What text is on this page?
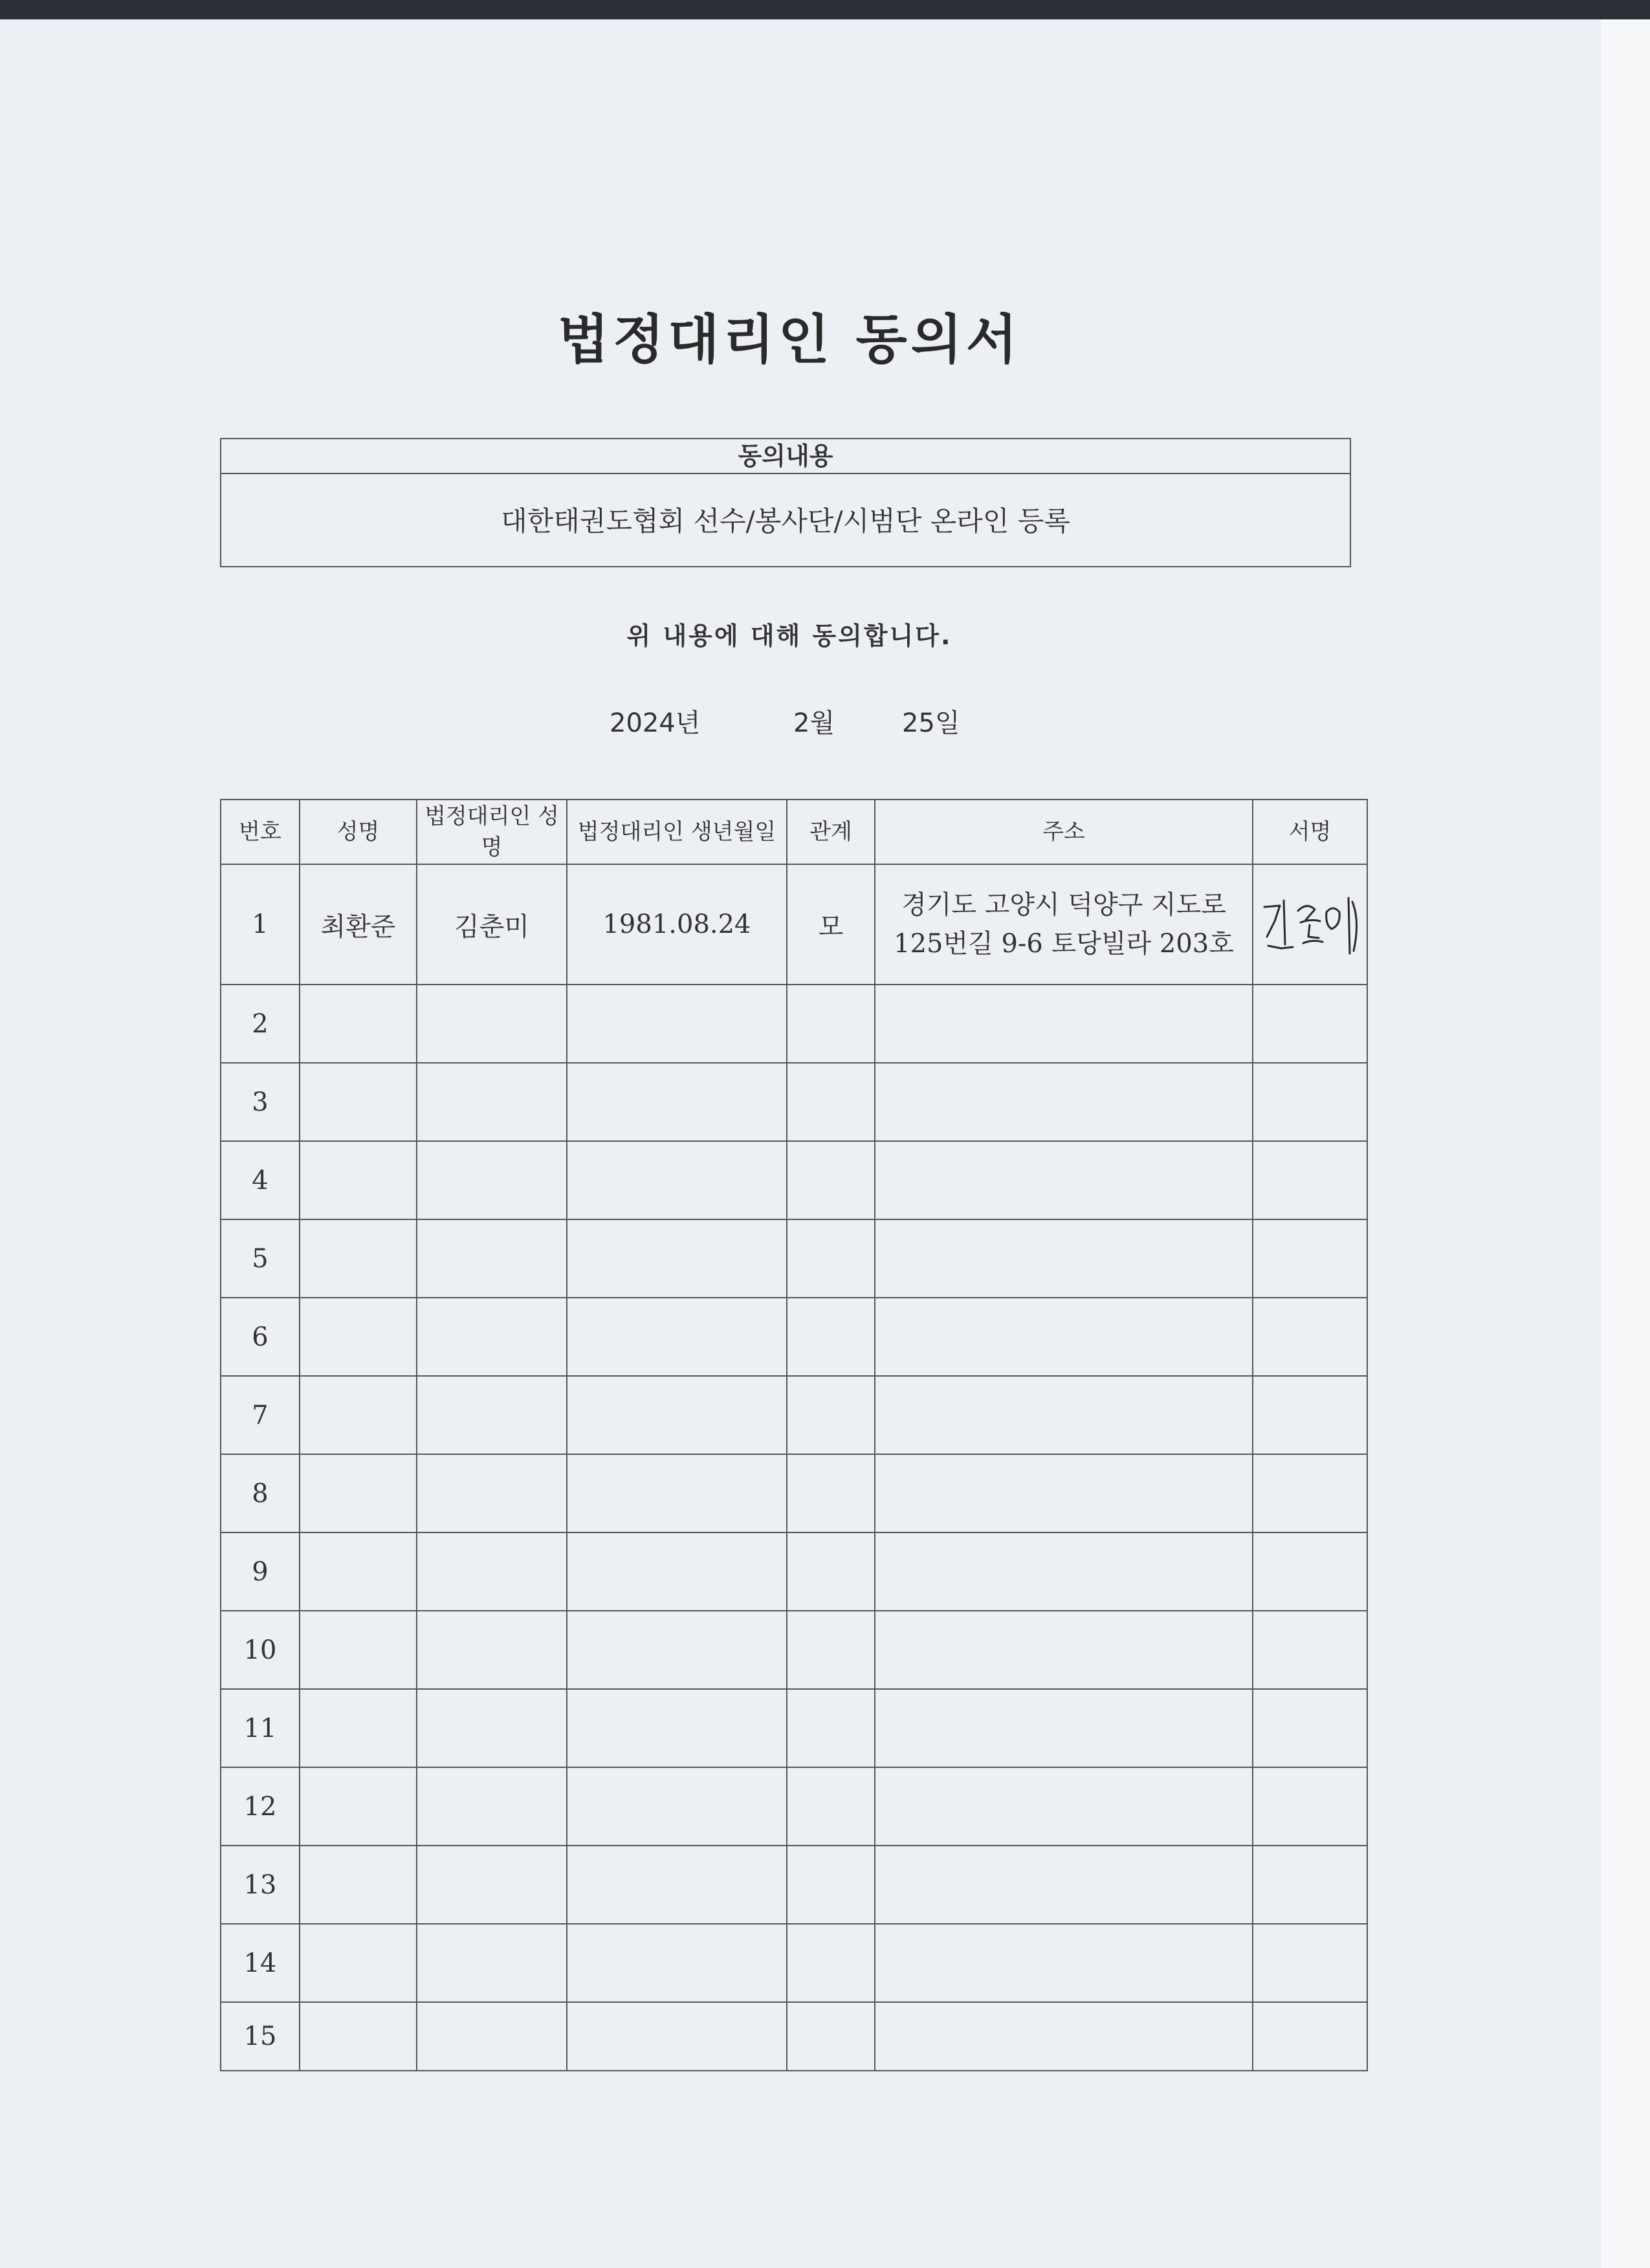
법정대리인 동의서
동의내용
대한태권도협회 선수/봉사단/시범단 온라인 등록
위 내용에 대해 동의합니다.
2024년	2월	25일
번호	성명	법정대리인 성명	법정대리인 생년월일	관계	주소	서명
1	최환준	김춘미	1981.08.24	모	경기도 고양시 덕양구 지도로 125번길 9-6 토당빌라 203호	

2						
3						
4						
5						
6						
7						
8						
9						
10						
11						
12						
13						
14						
15						
